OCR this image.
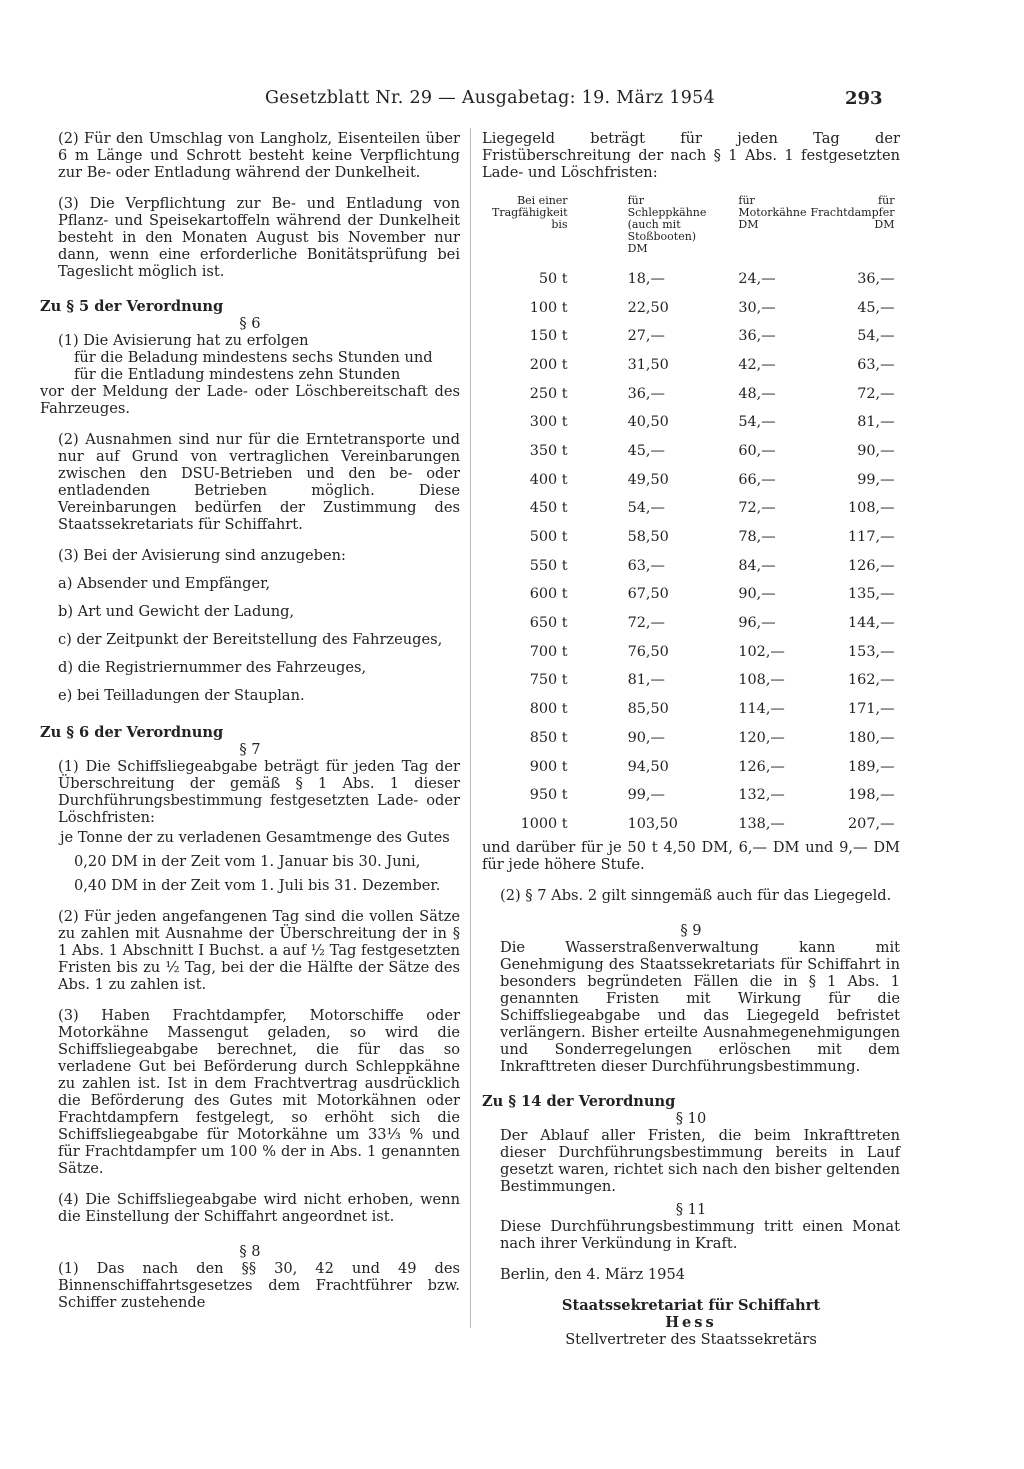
Gesetzblatt Nr. 29 — Ausgabetag: 19. März 1954	293

(2) Für den Umschlag von Langholz, Eisenteilen über 6 m Länge und Schrott besteht keine Verpflichtung zur Be- oder Entladung während der Dunkelheit.

(3) Die Verpflichtung zur Be- und Entladung von Pflanz- und Speisekartoffeln während der Dunkelheit besteht in den Monaten August bis November nur dann, wenn eine erforderliche Bonitätsprüfung bei Tageslicht möglich ist.

Zu § 5 der Verordnung

§ 6

(1) Die Avisierung hat zu erfolgen

für die Beladung mindestens sechs Stunden und

für die Entladung mindestens zehn Stunden

vor der Meldung der Lade- oder Löschbereitschaft des Fahrzeuges.

(2) Ausnahmen sind nur für die Erntetransporte und nur auf Grund von vertraglichen Vereinbarungen zwischen den DSU-Betrieben und den be- oder entladenden Betrieben möglich. Diese Vereinbarungen bedürfen der Zustimmung des Staatssekretariats für Schiffahrt.

(3) Bei der Avisierung sind anzugeben:

a) Absender und Empfänger,

b) Art und Gewicht der Ladung,

c) der Zeitpunkt der Bereitstellung des Fahrzeuges,

d) die Registriernummer des Fahrzeuges,

e) bei Teilladungen der Stauplan.

Zu § 6 der Verordnung

§ 7

(1) Die Schiffsliegeabgabe beträgt für jeden Tag der Überschreitung der gemäß § 1 Abs. 1 dieser Durchführungsbestimmung festgesetzten Lade- oder Löschfristen:

je Tonne der zu verladenen Gesamtmenge des Gutes

0,20 DM in der Zeit vom 1. Januar bis 30. Juni,

0,40 DM in der Zeit vom 1. Juli bis 31. Dezember.

(2) Für jeden angefangenen Tag sind die vollen Sätze zu zahlen mit Ausnahme der Überschreitung der in § 1 Abs. 1 Abschnitt I Buchst. a auf ½ Tag festgesetzten Fristen bis zu ½ Tag, bei der die Hälfte der Sätze des Abs. 1 zu zahlen ist.

(3) Haben Frachtdampfer, Motorschiffe oder Motorkähne Massengut geladen, so wird die Schiffsliegeabgabe berechnet, die für das so verladene Gut bei Beförderung durch Schleppkähne zu zahlen ist. Ist in dem Frachtvertrag ausdrücklich die Beförderung des Gutes mit Motorkähnen oder Frachtdampfern festgelegt, so erhöht sich die Schiffsliegeabgabe für Motorkähne um 33⅓ % und für Frachtdampfer um 100 % der in Abs. 1 genannten Sätze.

(4) Die Schiffsliegeabgabe wird nicht erhoben, wenn die Einstellung der Schiffahrt angeordnet ist.

§ 8

(1) Das nach den §§ 30, 42 und 49 des Binnenschiffahrtsgesetzes dem Frachtführer bzw. Schiffer zustehende

Liegegeld beträgt für jeden Tag der Fristüberschreitung der nach § 1 Abs. 1 festgesetzten Lade- und Löschfristen:

Bei einer Tragfähigkeit bis	für Schleppkähne (auch mit Stoßbooten) DM	für Motorkähne DM	für Frachtdampfer DM
50 t	18,—	24,—	36,—
100 t	22,50	30,—	45,—
150 t	27,—	36,—	54,—
200 t	31,50	42,—	63,—
250 t	36,—	48,—	72,—
300 t	40,50	54,—	81,—
350 t	45,—	60,—	90,—
400 t	49,50	66,—	99,—
450 t	54,—	72,—	108,—
500 t	58,50	78,—	117,—
550 t	63,—	84,—	126,—
600 t	67,50	90,—	135,—
650 t	72,—	96,—	144,—
700 t	76,50	102,—	153,—
750 t	81,—	108,—	162,—
800 t	85,50	114,—	171,—
850 t	90,—	120,—	180,—
900 t	94,50	126,—	189,—
950 t	99,—	132,—	198,—
1000 t	103,50	138,—	207,—

und darüber für je 50 t 4,50 DM, 6,— DM und 9,— DM für jede höhere Stufe.

(2) § 7 Abs. 2 gilt sinngemäß auch für das Liegegeld.

§ 9

Die Wasserstraßenverwaltung kann mit Genehmigung des Staatssekretariats für Schiffahrt in besonders begründeten Fällen die in § 1 Abs. 1 genannten Fristen mit Wirkung für die Schiffsliegeabgabe und das Liegegeld befristet verlängern. Bisher erteilte Ausnahmegenehmigungen und Sonderregelungen erlöschen mit dem Inkrafttreten dieser Durchführungsbestimmung.

Zu § 14 der Verordnung

§ 10

Der Ablauf aller Fristen, die beim Inkrafttreten dieser Durchführungsbestimmung bereits in Lauf gesetzt waren, richtet sich nach den bisher geltenden Bestimmungen.

§ 11

Diese Durchführungsbestimmung tritt einen Monat nach ihrer Verkündung in Kraft.

Berlin, den 4. März 1954

Staatssekretariat für Schiffahrt

Hess

Stellvertreter des Staatssekretärs
